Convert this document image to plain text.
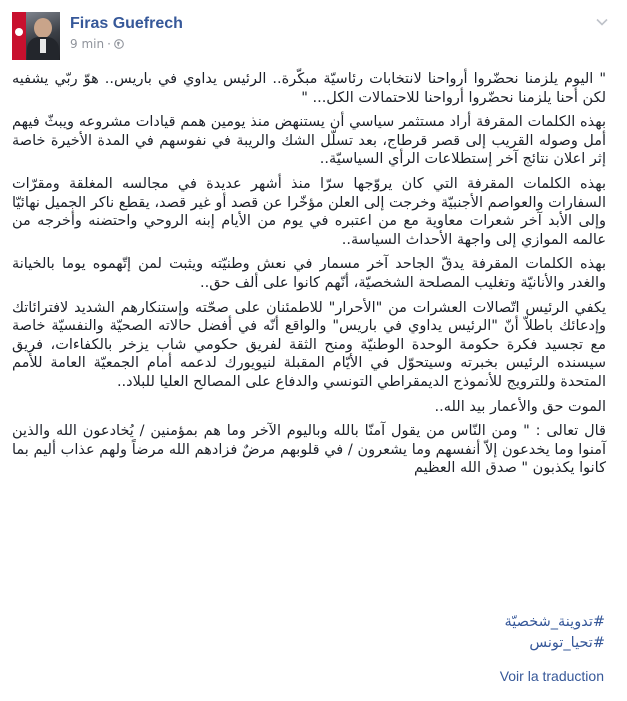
Firas Guefrech
9 min ·

" اليوم يلزمنا نحضّروا أرواحنا لانتخابات رئاسيّة مبكّرة.. الرئيس يداوي في باريس.. هوّ ربّي يشفيه لكن أحنا يلزمنا نحضّروا أرواحنا للاحتمالات الكل... "

بهذه الكلمات المقرفة أراد مستثمر سياسي أن يستنهض منذ يومين همم قيادات مشروعه ويبثّ فيهم أمل وصوله القريب إلى قصر قرطاج، بعد تسلّل الشك والريبة في نفوسهم في المدة الأخيرة خاصة إثر اعلان نتائج آخر إستطلاعات الرأي السياسيّة..

بهذه الكلمات المقرفة التي كان يروّجها سرّا منذ أشهر عديدة في مجالسه المغلقة ومقرّات السفارات والعواصم الأجنبيّة وخرجت إلى العلن مؤخّرا عن قصد أو غير قصد، يقطع ناكر الجميل نهائيّا وإلى الأبد آخر شعرات معاوية مع من اعتبره في يوم من الأيام إبنه الروحي واحتضنه وأخرجه من عالمه الموازي إلى واجهة الأحداث السياسة..

بهذه الكلمات المقرفة يدقّ الجاحد آخر مسمار في نعش وطنيّته ويثبت لمن إتّهموه يوما بالخيانة والغدر والأنانيّة وتغليب المصلحة الشخصيّة، أنّهم كانوا على ألف حق..

يكفي الرئيس اتّصالات العشرات من "الأحرار" للاطمئنان على صحّته وإستنكارهم الشديد لافترائاتك وإدعائك باطلاّ أنّ "الرئيس يداوي في باريس" والواقع أنّه في أفضل حالاته الصحيّة والنفسيّة خاصة مع تجسيد فكرة حكومة الوحدة الوطنيّة ومنح الثقة لفريق حكومي شاب يزخر بالكفاءات، فريق سيسنده الرئيس بخبرته وسيتحوّل في الأيّام المقبلة لنيويورك لدعمه أمام الجمعيّة العامة للأمم المتحدة وللترويج للأنموذج الديمقراطي التونسي والدفاع على المصالح العليا للبلاد..

الموت حق والأعمار بيد الله..

قال تعالى : " ومن النّاس من يقول آمنّا بالله وباليوم الآخر وما هم بمؤمنين / يُخادعون الله والذين آمنوا وما يخدعون إلاّ أنفسهم وما يشعرون / في قلوبهم مرضٌ فزادهم الله مرضاً ولهم عذاب أليم بما كانوا يكذبون " صدق الله العظيم

#تدوينة_شخصيّة
#تحيا_تونس
Voir la traduction
